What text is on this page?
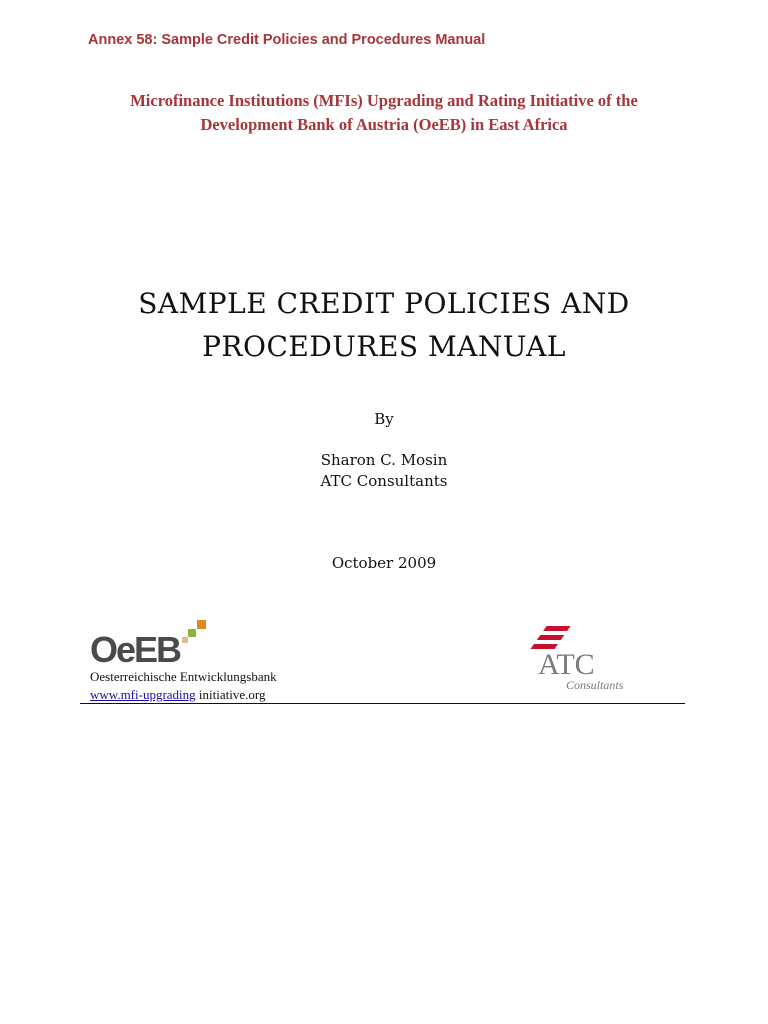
Annex 58: Sample Credit Policies and Procedures Manual
Microfinance Institutions (MFIs) Upgrading and Rating Initiative of the
Development Bank of Austria (OeEB) in East Africa
SAMPLE CREDIT POLICIES AND
PROCEDURES MANUAL
By
Sharon C. Mosin
ATC Consultants
October 2009
OeEB
Oesterreichische Entwicklungsbank
www.mfi-upgrading initiative.org
ATC
Consultants
